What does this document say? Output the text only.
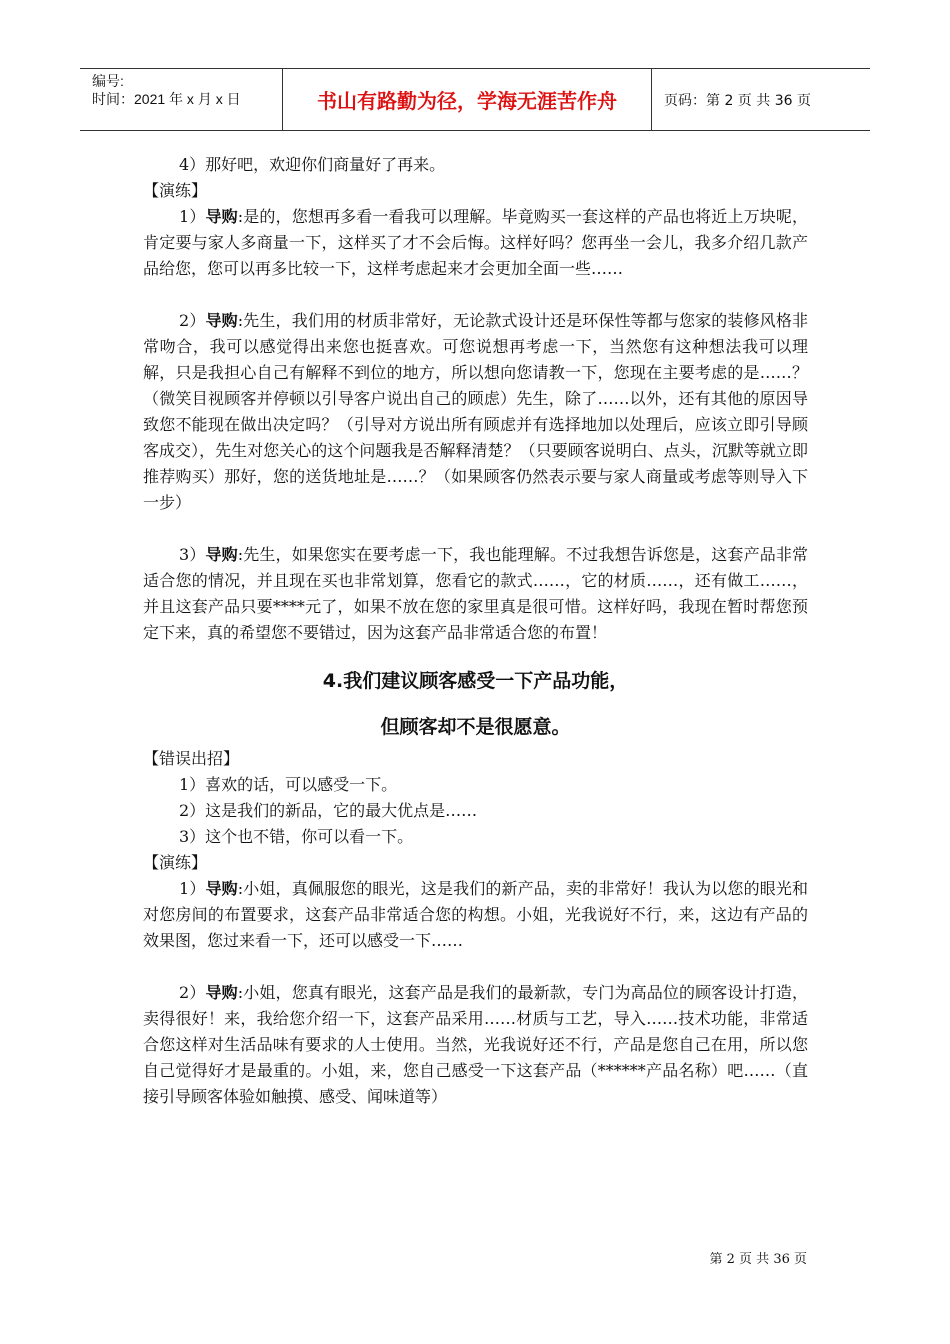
编号:
时间：2021 年 x 月 x 日	书山有路勤为径，学海无涯苦作舟	页码：第 2 页 共 36 页

4）那好吧，欢迎你们商量好了再来。

【演练】

1）导购:是的，您想再多看一看我可以理解。毕竟购买一套这样的产品也将近上万块呢，肯定要与家人多商量一下，这样买了才不会后悔。这样好吗？您再坐一会儿，我多介绍几款产品给您，您可以再多比较一下，这样考虑起来才会更加全面一些……

2）导购:先生，我们用的材质非常好，无论款式设计还是环保性等都与您家的装修风格非常吻合，我可以感觉得出来您也挺喜欢。可您说想再考虑一下，当然您有这种想法我可以理解，只是我担心自己有解释不到位的地方，所以想向您请教一下，您现在主要考虑的是……？（微笑目视顾客并停顿以引导客户说出自己的顾虑）先生，除了……以外，还有其他的原因导致您不能现在做出决定吗？（引导对方说出所有顾虑并有选择地加以处理后，应该立即引导顾客成交），先生对您关心的这个问题我是否解释清楚？（只要顾客说明白、点头，沉默等就立即推荐购买）那好，您的送货地址是……？（如果顾客仍然表示要与家人商量或考虑等则导入下一步）

3）导购:先生，如果您实在要考虑一下，我也能理解。不过我想告诉您是，这套产品非常适合您的情况，并且现在买也非常划算，您看它的款式……，它的材质……，还有做工……，并且这套产品只要****元了，如果不放在您的家里真是很可惜。这样好吗，我现在暂时帮您预定下来，真的希望您不要错过，因为这套产品非常适合您的布置！

4.我们建议顾客感受一下产品功能，

但顾客却不是很愿意。

【错误出招】

1）喜欢的话，可以感受一下。

2）这是我们的新品，它的最大优点是……

3）这个也不错，你可以看一下。

【演练】

1）导购:小姐，真佩服您的眼光，这是我们的新产品，卖的非常好！我认为以您的眼光和对您房间的布置要求，这套产品非常适合您的构想。小姐，光我说好不行，来，这边有产品的效果图，您过来看一下，还可以感受一下……

2）导购:小姐，您真有眼光，这套产品是我们的最新款，专门为高品位的顾客设计打造，卖得很好！来，我给您介绍一下，这套产品采用……材质与工艺，导入……技术功能，非常适合您这样对生活品味有要求的人士使用。当然，光我说好还不行，产品是您自己在用，所以您自己觉得好才是最重的。小姐，来，您自己感受一下这套产品（******产品名称）吧……（直接引导顾客体验如触摸、感受、闻味道等）

第 2 页 共 36 页
